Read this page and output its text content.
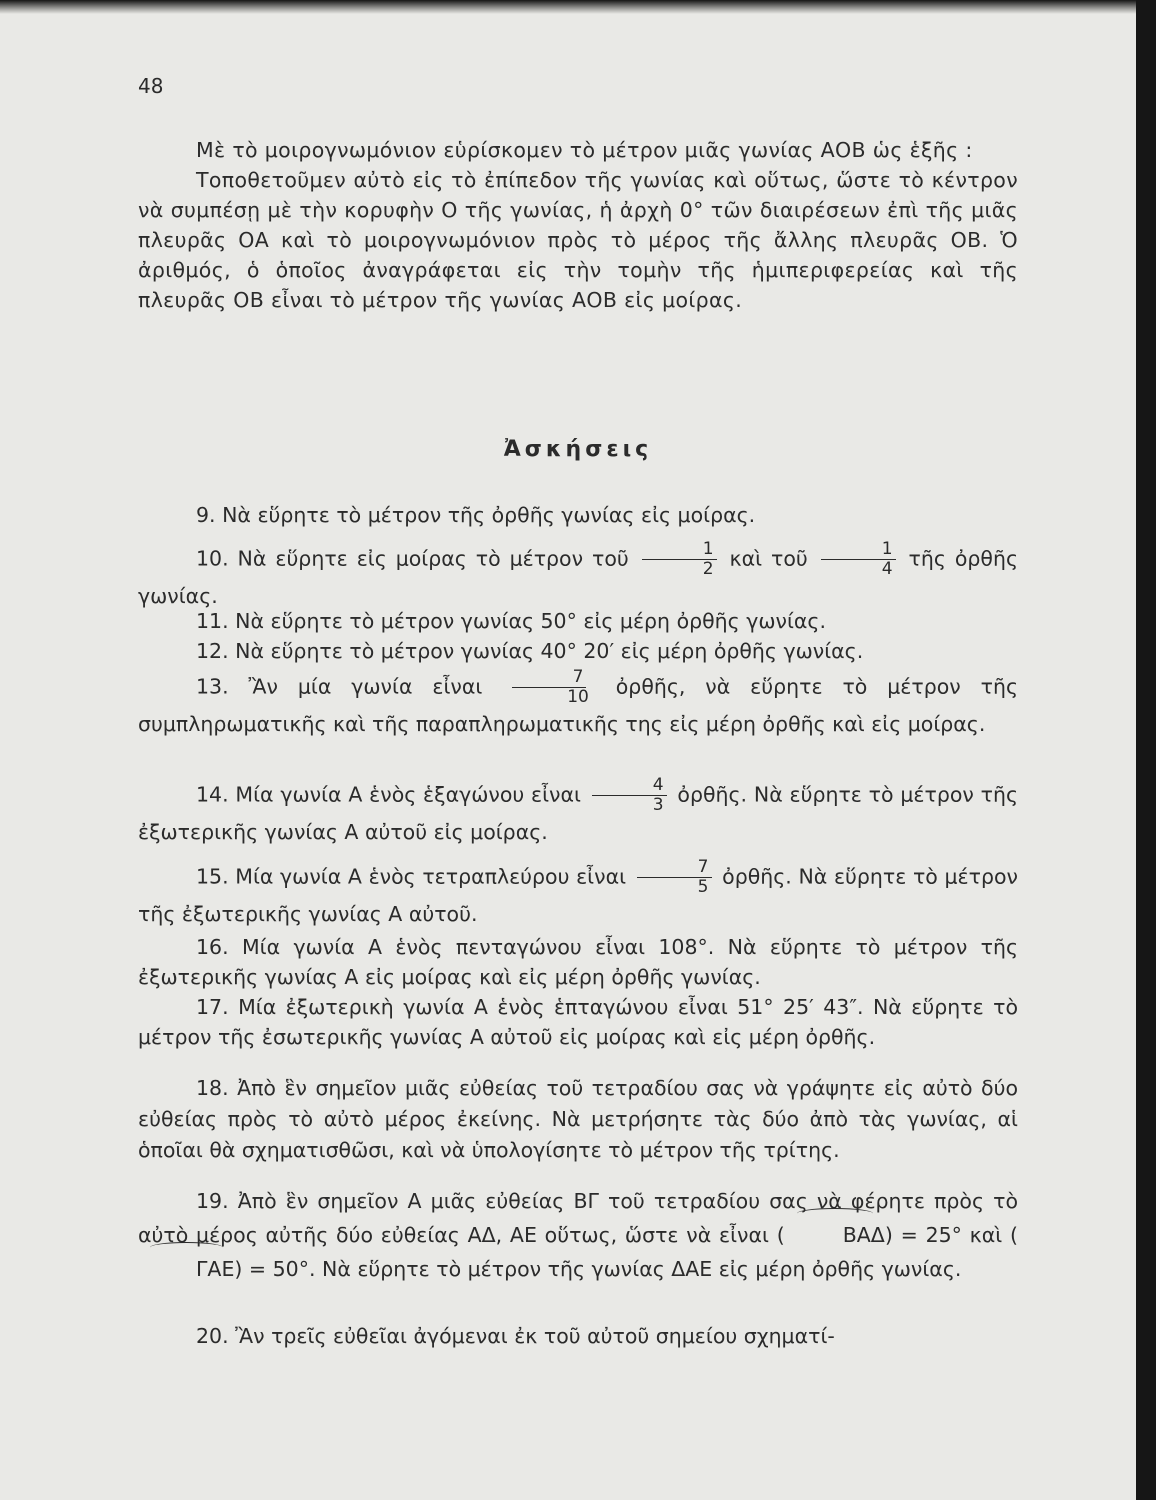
48

Μὲ τὸ μοιρογνωμόνιον εὑρίσκομεν τὸ μέτρον μιᾶς γωνίας ΑΟΒ ὡς ἑξῆς :

Τοποθετοῦμεν αὐτὸ εἰς τὸ ἐπίπεδον τῆς γωνίας καὶ οὕτως, ὥστε τὸ κέντρον νὰ συμπέσῃ μὲ τὴν κορυφὴν Ο τῆς γωνίας, ἡ ἀρχὴ 0° τῶν διαιρέσεων ἐπὶ τῆς μιᾶς πλευρᾶς ΟΑ καὶ τὸ μοιρογνωμόνιον πρὸς τὸ μέρος τῆς ἄλλης πλευρᾶς ΟΒ. Ὁ ἀριθμός, ὁ ὁποῖος ἀναγράφεται εἰς τὴν τομὴν τῆς ἡμιπεριφερείας καὶ τῆς πλευρᾶς ΟΒ εἶναι τὸ μέτρον τῆς γωνίας ΑΟΒ εἰς μοίρας.

Ἀσκήσεις

9. Νὰ εὕρητε τὸ μέτρον τῆς ὀρθῆς γωνίας εἰς μοίρας.

10. Νὰ εὕρητε εἰς μοίρας τὸ μέτρον τοῦ $\frac{1}{2}$ καὶ τοῦ $\frac{1}{4}$ τῆς ὀρθῆς γωνίας.

11. Νὰ εὕρητε τὸ μέτρον γωνίας 50° εἰς μέρη ὀρθῆς γωνίας.

12. Νὰ εὕρητε τὸ μέτρον γωνίας 40° 20′ εἰς μέρη ὀρθῆς γωνίας.

13. Ἂν μία γωνία εἶναι $\frac{7}{10}$ ὀρθῆς, νὰ εὕρητε τὸ μέτρον τῆς συμπληρωματικῆς καὶ τῆς παραπληρωματικῆς της εἰς μέρη ὀρθῆς καὶ εἰς μοίρας.

14. Μία γωνία Α ἑνὸς ἑξαγώνου εἶναι $\frac{4}{3}$ ὀρθῆς. Νὰ εὕρητε τὸ μέτρον τῆς ἐξωτερικῆς γωνίας Α αὐτοῦ εἰς μοίρας.

15. Μία γωνία Α ἑνὸς τετραπλεύρου εἶναι $\frac{7}{5}$ ὀρθῆς. Νὰ εὕρητε τὸ μέτρον τῆς ἐξωτερικῆς γωνίας Α αὐτοῦ.

16. Μία γωνία Α ἑνὸς πενταγώνου εἶναι 108°. Νὰ εὕρητε τὸ μέτρον τῆς ἐξωτερικῆς γωνίας Α εἰς μοίρας καὶ εἰς μέρη ὀρθῆς γωνίας.

17. Μία ἐξωτερικὴ γωνία Α ἑνὸς ἑπταγώνου εἶναι 51° 25′ 43″. Νὰ εὕρητε τὸ μέτρον τῆς ἐσωτερικῆς γωνίας Α αὐτοῦ εἰς μοίρας καὶ εἰς μέρη ὀρθῆς.

18. Ἀπὸ ἓν σημεῖον μιᾶς εὐθείας τοῦ τετραδίου σας νὰ γράψητε εἰς αὐτὸ δύο εὐθείας πρὸς τὸ αὐτὸ μέρος ἐκείνης. Νὰ μετρήσητε τὰς δύο ἀπὸ τὰς γωνίας, αἱ ὁποῖαι θὰ σχηματισθῶσι, καὶ νὰ ὑπολογίσητε τὸ μέτρον τῆς τρίτης.

19. Ἀπὸ ἓν σημεῖον Α μιᾶς εὐθείας ΒΓ τοῦ τετραδίου σας νὰ φέρητε πρὸς τὸ αὐτὸ μέρος αὐτῆς δύο εὐθείας ΑΔ, ΑΕ οὕτως, ὥστε νὰ εἶναι (	ΒΑΔ) = 25° καὶ (ΓΑΕ) = 50°. Νὰ εὕρητε τὸ μέτρον τῆς γωνίας ΔΑΕ εἰς μέρη ὀρθῆς γωνίας.

20. Ἂν τρεῖς εὐθεῖαι ἀγόμεναι ἐκ τοῦ αὐτοῦ σημείου σχηματί-
